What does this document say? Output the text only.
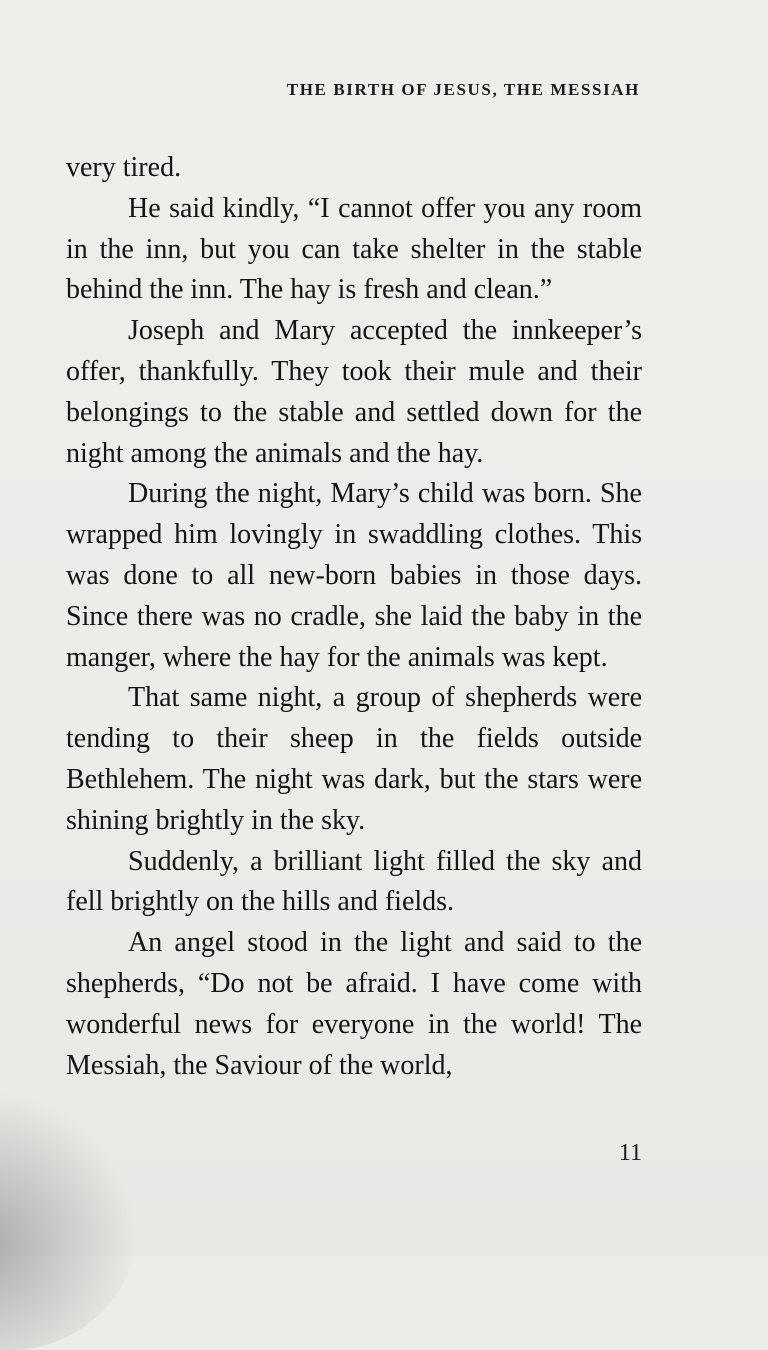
THE BIRTH OF JESUS, THE MESSIAH

very tired.

He said kindly, “I cannot offer you any room in the inn, but you can take shelter in the stable behind the inn. The hay is fresh and clean.”

Joseph and Mary accepted the innkeeper’s offer, thankfully. They took their mule and their belongings to the stable and settled down for the night among the animals and the hay.

During the night, Mary’s child was born. She wrapped him lovingly in swaddling clothes. This was done to all new-born babies in those days. Since there was no cradle, she laid the baby in the manger, where the hay for the animals was kept.

That same night, a group of shepherds were tending to their sheep in the fields outside Bethlehem. The night was dark, but the stars were shining brightly in the sky.

Suddenly, a brilliant light filled the sky and fell brightly on the hills and fields.

An angel stood in the light and said to the shepherds, “Do not be afraid. I have come with wonderful news for everyone in the world! The Messiah, the Saviour of the world,

11
